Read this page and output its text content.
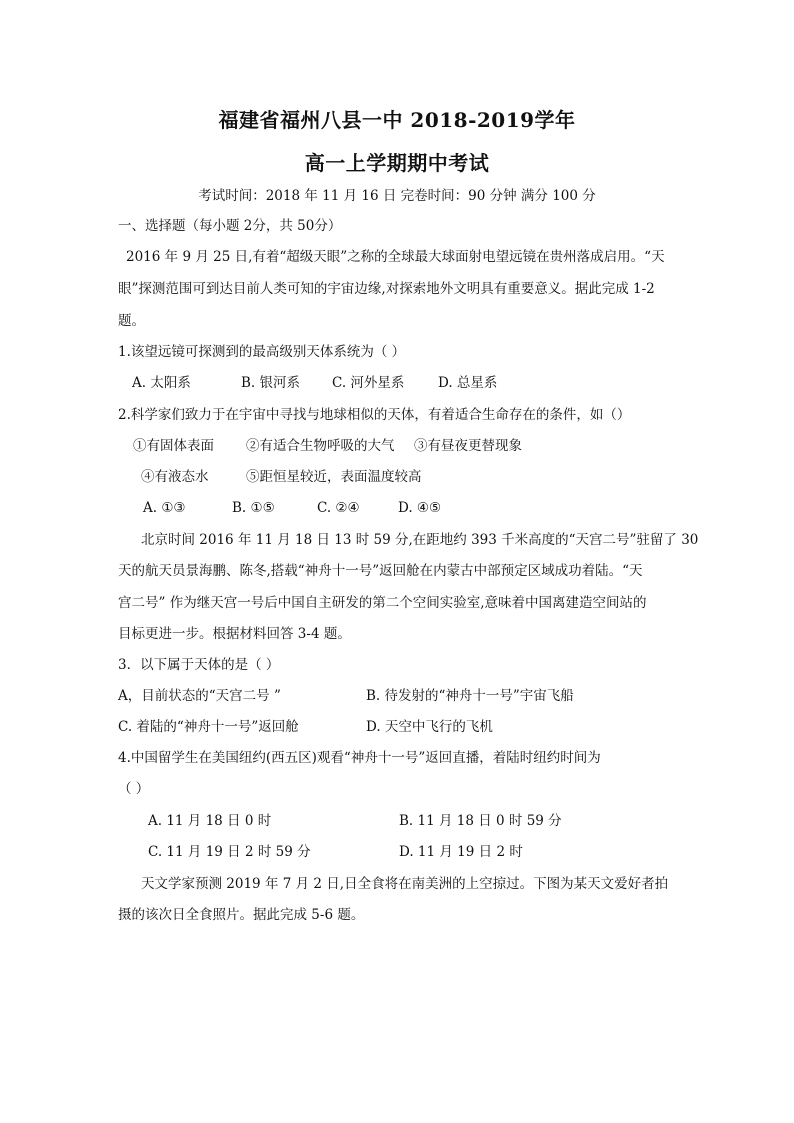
福建省福州八县一中 2018-2019学年
高一上学期期中考试
考试时间：2018 年 11 月 16 日 完卷时间：90 分钟 满分 100 分
一、选择题（每小题 2分，共 50分）
2016 年 9 月 25 日,有着“超级天眼”之称的全球最大球面射电望远镜在贵州落成启用。“天
眼”探测范围可到达目前人类可知的宇宙边缘,对探索地外文明具有重要意义。据此完成 1-2
题。
1.该望远镜可探测到的最高级别天体系统为（ ）
A. 太阳系	B. 银河系 C. 河外星系 D. 总星系
2.科学家们致力于在宇宙中寻找与地球相似的天体，有着适合生命存在的条件，如（）
①有固体表面 ②有适合生物呼吸的大气 ③有昼夜更替现象
④有液态水	⑤距恒星较近，表面温度较高
A. ①③	B. ①⑤	C. ②④	D. ④⑤
北京时间 2016 年 11 月 18 日 13 时 59 分,在距地约 393 千米高度的“天宫二号”驻留了 30
天的航天员景海鹏、陈冬,搭载“神舟十一号”返回舱在内蒙古中部预定区域成功着陆。“天
宫二号” 作为继天宫一号后中国自主研发的第二个空间实验室,意味着中国离建造空间站的
目标更进一步。根据材料回答 3-4 题。
3．以下属于天体的是（ ）
A，目前状态的“天宫二号 ”	B. 待发射的“神舟十一号”宇宙飞船
C. 着陆的“神舟十一号”返回舱	D. 天空中飞行的飞机
4.中国留学生在美国纽约(西五区)观看“神舟十一号”返回直播，着陆时纽约时间为
（ ）
A. 11 月 18 日 0 时	B. 11 月 18 日 0 时 59 分
C. 11 月 19 日 2 时 59 分	D. 11 月 19 日 2 时
天文学家预测 2019 年 7 月 2 日,日全食将在南美洲的上空掠过。下图为某天文爱好者拍
摄的该次日全食照片。据此完成 5-6 题。
